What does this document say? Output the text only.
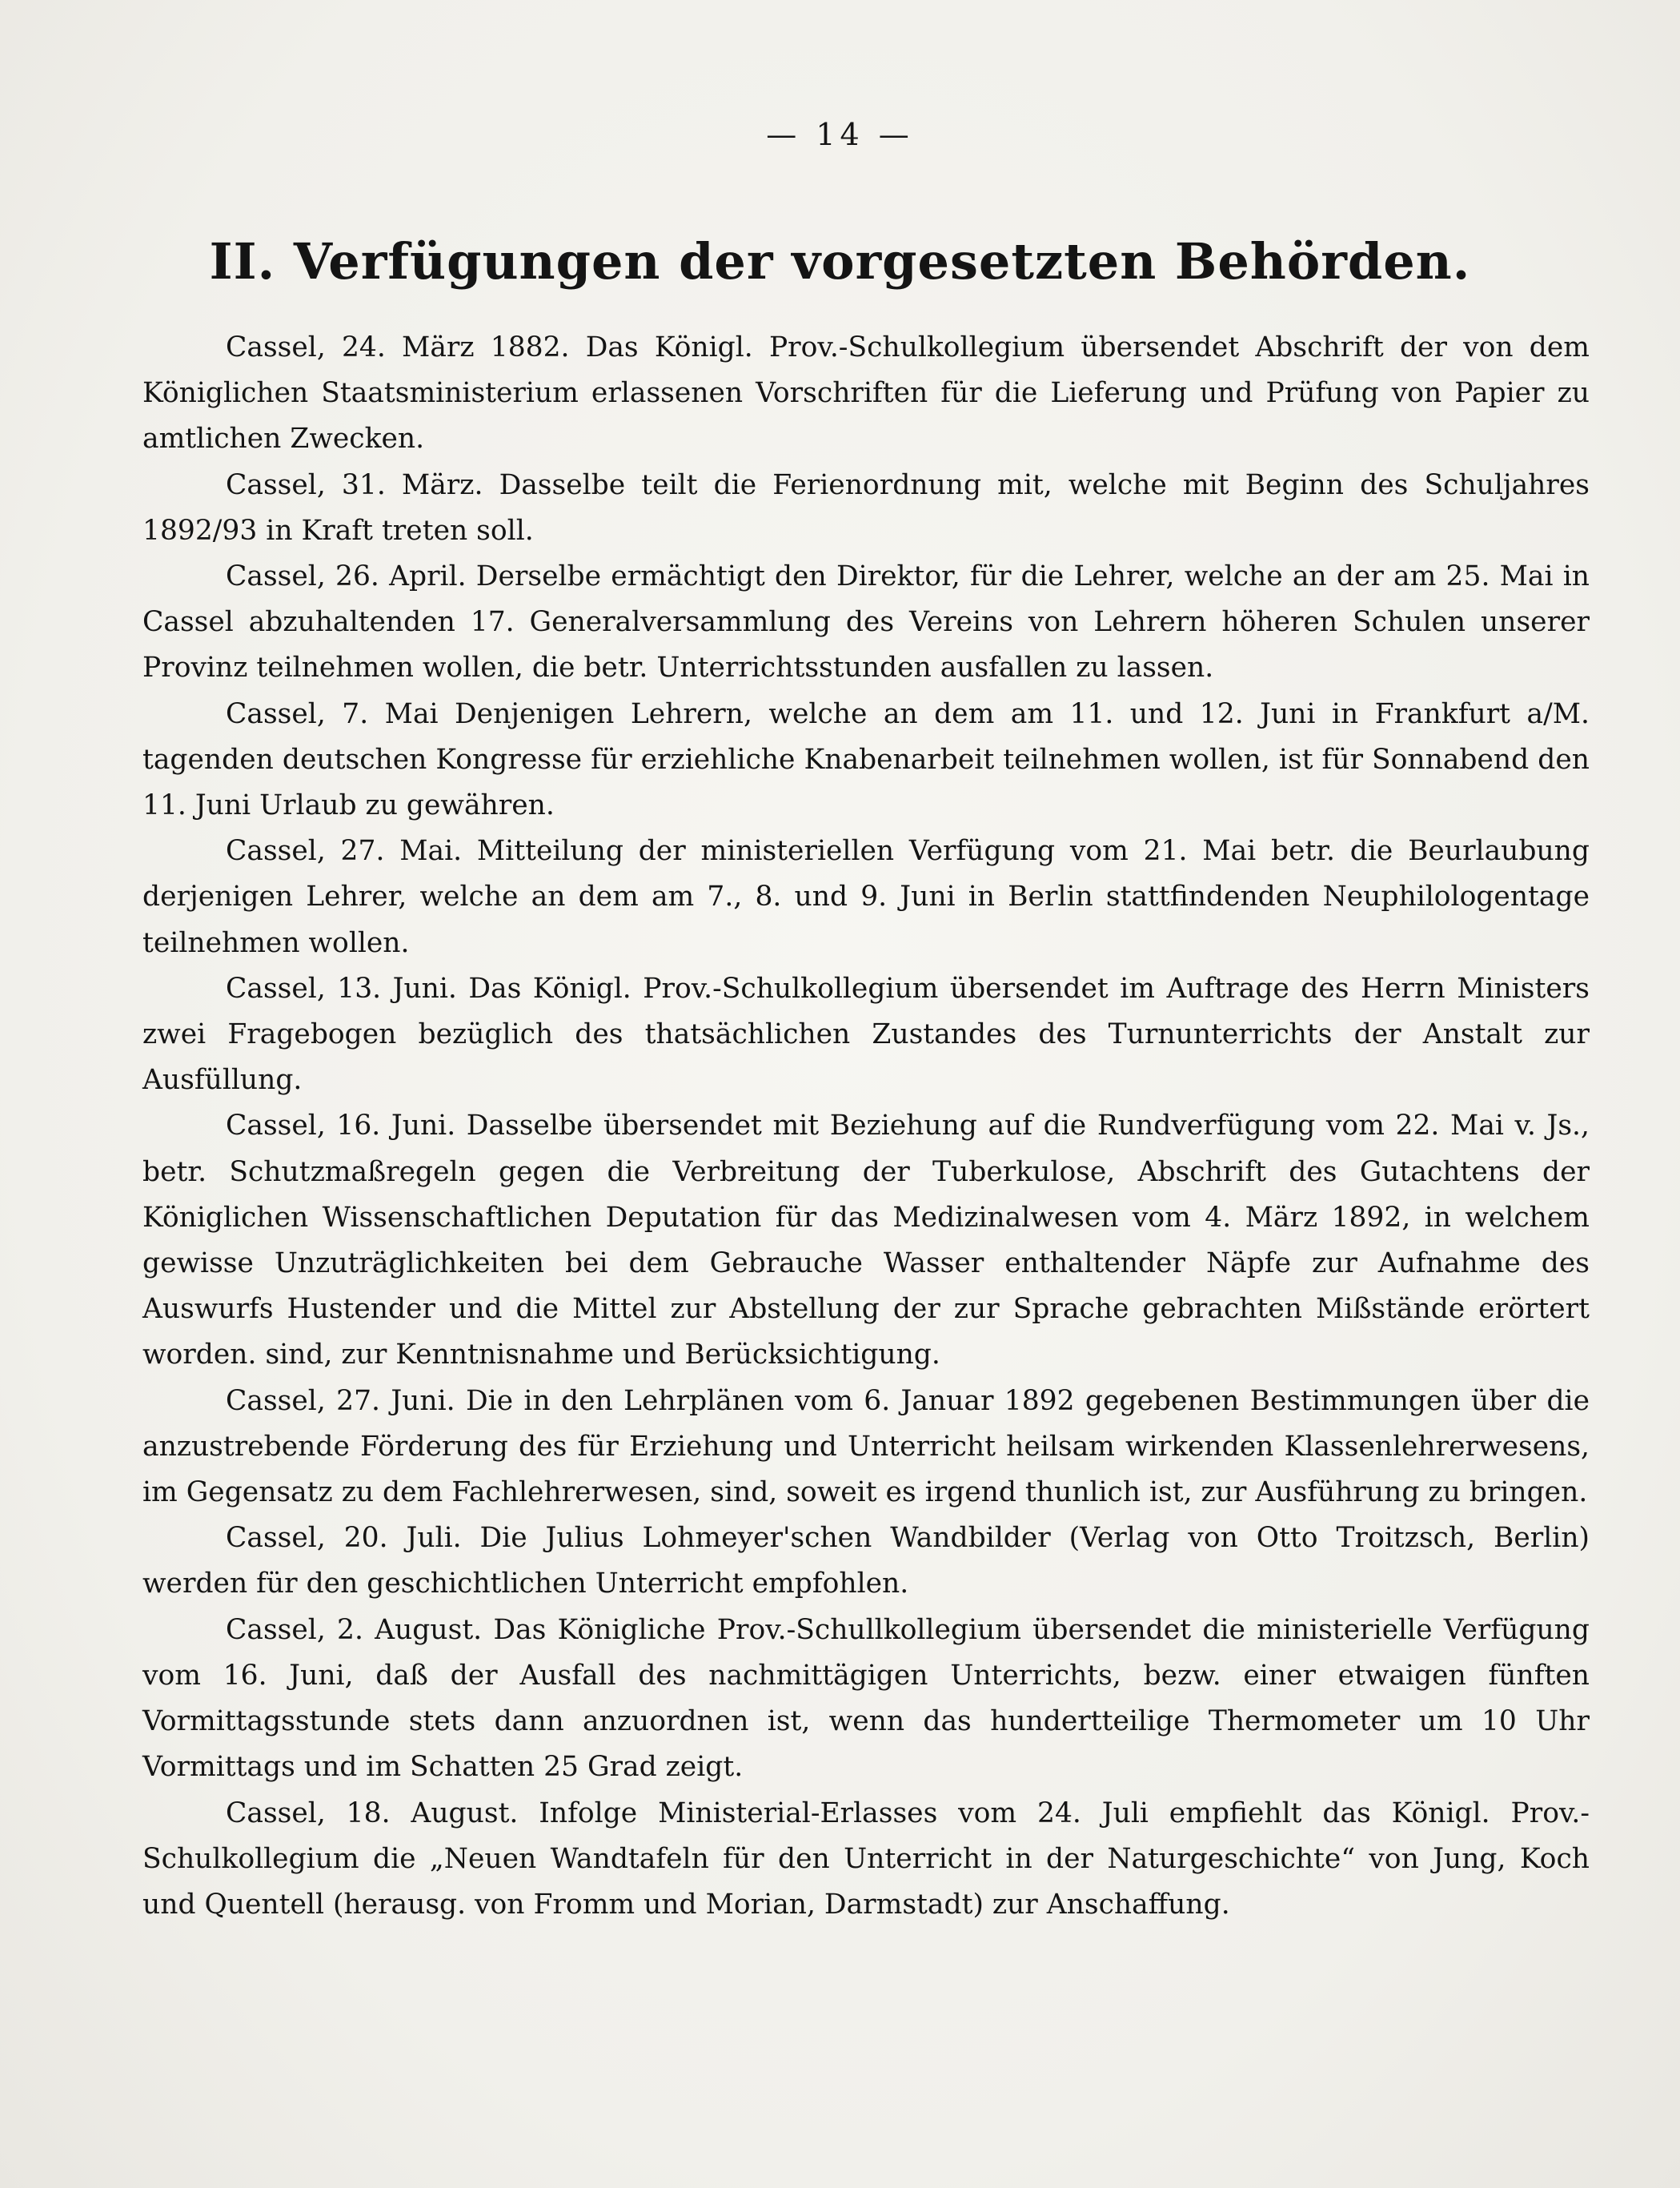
— 14 —
II. Verfügungen der vorgesetzten Behörden.

Cassel, 24. März 1882. Das Königl. Prov.-Schulkollegium übersendet Abschrift der von dem Königlichen Staatsministerium erlassenen Vorschriften für die Lieferung und Prüfung von Papier zu amtlichen Zwecken.

Cassel, 31. März. Dasselbe teilt die Ferienordnung mit, welche mit Beginn des Schuljahres 1892/93 in Kraft treten soll.

Cassel, 26. April. Derselbe ermächtigt den Direktor, für die Lehrer, welche an der am 25. Mai in Cassel abzuhaltenden 17. Generalversammlung des Vereins von Lehrern höheren Schulen unserer Provinz teilnehmen wollen, die betr. Unterrichtsstunden ausfallen zu lassen.

Cassel, 7. Mai Denjenigen Lehrern, welche an dem am 11. und 12. Juni in Frankfurt a/M. tagenden deutschen Kongresse für erziehliche Knabenarbeit teilnehmen wollen, ist für Sonnabend den 11. Juni Urlaub zu gewähren.

Cassel, 27. Mai. Mitteilung der ministeriellen Verfügung vom 21. Mai betr. die Beurlaubung derjenigen Lehrer, welche an dem am 7., 8. und 9. Juni in Berlin stattfindenden Neuphilologentage teilnehmen wollen.

Cassel, 13. Juni. Das Königl. Prov.-Schulkollegium übersendet im Auftrage des Herrn Ministers zwei Fragebogen bezüglich des thatsächlichen Zustandes des Turnunterrichts der Anstalt zur Ausfüllung.

Cassel, 16. Juni. Dasselbe übersendet mit Beziehung auf die Rundverfügung vom 22. Mai v. Js., betr. Schutzmaßregeln gegen die Verbreitung der Tuberkulose, Abschrift des Gutachtens der Königlichen Wissenschaftlichen Deputation für das Medizinalwesen vom 4. März 1892, in welchem gewisse Unzuträglichkeiten bei dem Gebrauche Wasser enthaltender Näpfe zur Aufnahme des Auswurfs Hustender und die Mittel zur Abstellung der zur Sprache gebrachten Mißstände erörtert worden. sind, zur Kenntnisnahme und Berücksichtigung.

Cassel, 27. Juni. Die in den Lehrplänen vom 6. Januar 1892 gegebenen Bestimmungen über die anzustrebende Förderung des für Erziehung und Unterricht heilsam wirkenden Klassenlehrerwesens, im Gegensatz zu dem Fachlehrerwesen, sind, soweit es irgend thunlich ist, zur Ausführung zu bringen.

Cassel, 20. Juli. Die Julius Lohmeyer'schen Wandbilder (Verlag von Otto Troitzsch, Berlin) werden für den geschichtlichen Unterricht empfohlen.

Cassel, 2. August. Das Königliche Prov.-Schullkollegium übersendet die ministerielle Verfügung vom 16. Juni, daß der Ausfall des nachmittägigen Unterrichts, bezw. einer etwaigen fünften Vormittagsstunde stets dann anzuordnen ist, wenn das hundertteilige Thermometer um 10 Uhr Vormittags und im Schatten 25 Grad zeigt.

Cassel, 18. August. Infolge Ministerial-Erlasses vom 24. Juli empfiehlt das Königl. Prov.-Schulkollegium die „Neuen Wandtafeln für den Unterricht in der Naturgeschichte“ von Jung, Koch und Quentell (herausg. von Fromm und Morian, Darmstadt) zur Anschaffung.
